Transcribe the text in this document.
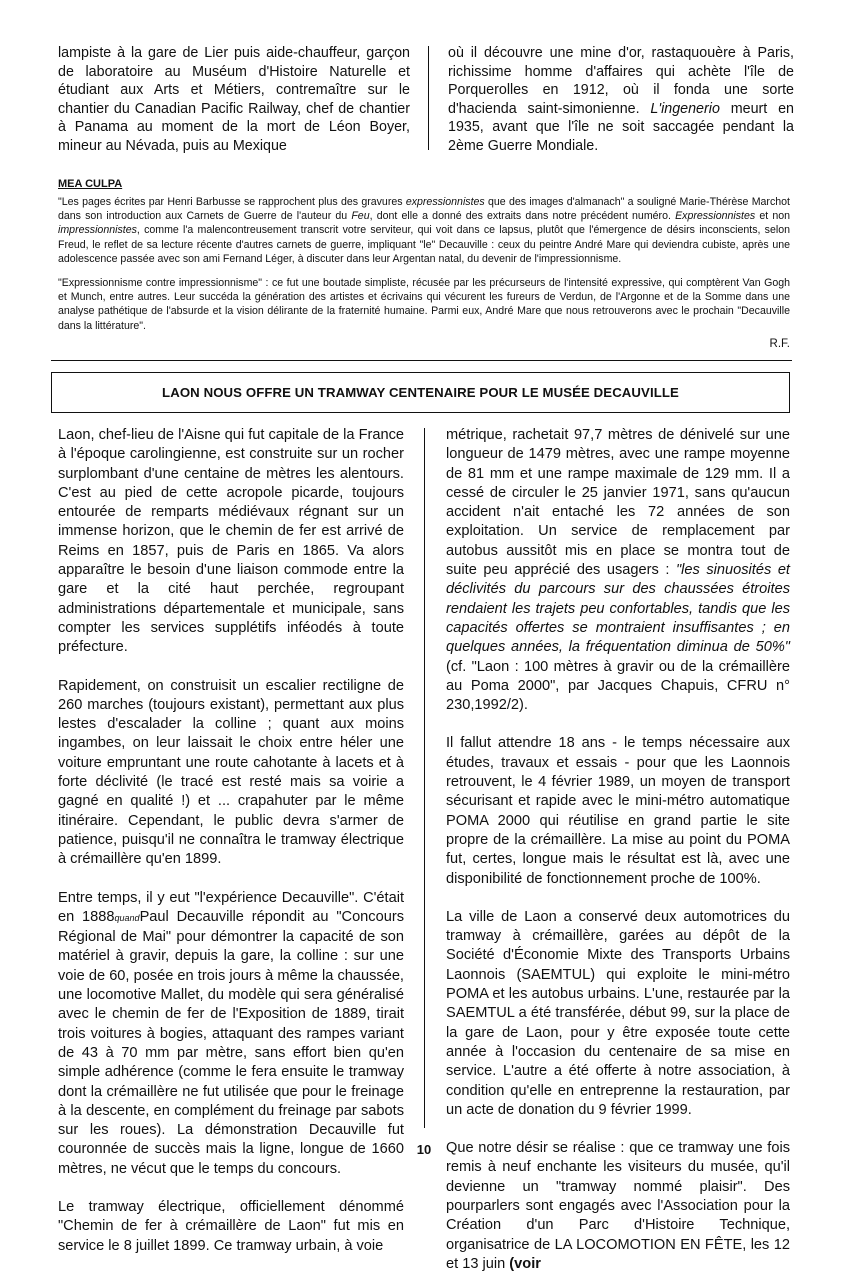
lampiste à la gare de Lier puis aide-chauffeur, garçon de laboratoire au Muséum d'Histoire Naturelle et étudiant aux Arts et Métiers, contremaître sur le chantier du Canadian Pacific Railway, chef de chantier à Panama au moment de la mort de Léon Boyer, mineur au Névada, puis au Mexique

où il découvre une mine d'or, rastaquouère à Paris, richissime homme d'affaires qui achète l'île de Porquerolles en 1912, où il fonda une sorte d'hacienda saint-simonienne. L'ingenerio meurt en 1935, avant que l'île ne soit saccagée pendant la 2ème Guerre Mondiale.

MEA CULPA

"Les pages écrites par Henri Barbusse se rapprochent plus des gravures expressionnistes que des images d'almanach" a souligné Marie-Thérèse Marchot dans son introduction aux Carnets de Guerre de l'auteur du Feu, dont elle a donné des extraits dans notre précédent numéro. Expressionnistes et non impressionnistes, comme l'a malencontreusement transcrit votre serviteur, qui voit dans ce lapsus, plutôt que l'émergence de désirs inconscients, selon Freud, le reflet de sa lecture récente d'autres carnets de guerre, impliquant "le" Decauville : ceux du peintre André Mare qui deviendra cubiste, après une adolescence passée avec son ami Fernand Léger, à discuter dans leur Argentan natal, du devenir de l'impressionnisme.

"Expressionnisme contre impressionnisme" : ce fut une boutade simpliste, récusée par les précurseurs de l'intensité expressive, qui comptèrent Van Gogh et Munch, entre autres. Leur succéda la génération des artistes et écrivains qui vécurent les fureurs de Verdun, de l'Argonne et de la Somme dans une analyse pathétique de l'absurde et la vision délirante de la fraternité humaine. Parmi eux, André Mare que nous retrouverons avec le prochain "Decauville dans la littérature".

R.F.
LAON NOUS OFFRE UN TRAMWAY CENTENAIRE POUR LE MUSÉE DECAUVILLE

Laon, chef-lieu de l'Aisne qui fut capitale de la France à l'époque carolingienne, est construite sur un rocher surplombant d'une centaine de mètres les alentours. C'est au pied de cette acropole picarde, toujours entourée de remparts médiévaux régnant sur un immense horizon, que le chemin de fer est arrivé de Reims en 1857, puis de Paris en 1865. Va alors apparaître le besoin d'une liaison commode entre la gare et la cité haut perchée, regroupant administrations départementale et municipale, sans compter les services supplétifs inféodés à toute préfecture.

Rapidement, on construisit un escalier rectiligne de 260 marches (toujours existant), permettant aux plus lestes d'escalader la colline ; quant aux moins ingambes, on leur laissait le choix entre héler une voiture empruntant une route cahotante à lacets et à forte déclivité (le tracé est resté mais sa voirie a gagné en qualité !) et ... crapahuter par le même itinéraire. Cependant, le public devra s'armer de patience, puisqu'il ne connaîtra le tramway électrique à crémaillère qu'en 1899.

Entre temps, il y eut "l'expérience Decauville". C'était en 1888quandPaul Decauville répondit au "Concours Régional de Mai" pour démontrer la capacité de son matériel à gravir, depuis la gare, la colline : sur une voie de 60, posée en trois jours à même la chaussée, une locomotive Mallet, du modèle qui sera généralisé avec le chemin de fer de l'Exposition de 1889, tirait trois voitures à bogies, attaquant des rampes variant de 43 à 70 mm par mètre, sans effort bien qu'en simple adhérence (comme le fera ensuite le tramway dont la crémaillère ne fut utilisée que pour le freinage à la descente, en complément du freinage par sabots sur les roues). La démonstration Decauville fut couronnée de succès mais la ligne, longue de 1660 mètres, ne vécut que le temps du concours.

Le tramway électrique, officiellement dénommé "Chemin de fer à crémaillère de Laon" fut mis en service le 8 juillet 1899. Ce tramway urbain, à voie

métrique, rachetait 97,7 mètres de dénivelé sur une longueur de 1479 mètres, avec une rampe moyenne de 81 mm et une rampe maximale de 129 mm. Il a cessé de circuler le 25 janvier 1971, sans qu'aucun accident n'ait entaché les 72 années de son exploitation. Un service de remplacement par autobus aussitôt mis en place se montra tout de suite peu apprécié des usagers : "les sinuosités et déclivités du parcours sur des chaussées étroites rendaient les trajets peu confortables, tandis que les capacités offertes se montraient insuffisantes ; en quelques années, la fréquentation diminua de 50%" (cf. "Laon : 100 mètres à gravir ou de la crémaillère au Poma 2000", par Jacques Chapuis, CFRU n° 230,1992/2).

Il fallut attendre 18 ans - le temps nécessaire aux études, travaux et essais - pour que les Laonnois retrouvent, le 4 février 1989, un moyen de transport sécurisant et rapide avec le mini-métro automatique POMA 2000 qui réutilise en grand partie le site propre de la crémaillère. La mise au point du POMA fut, certes, longue mais le résultat est là, avec une disponibilité de fonctionnement proche de 100%.

La ville de Laon a conservé deux automotrices du tramway à crémaillère, garées au dépôt de la Société d'Économie Mixte des Transports Urbains Laonnois (SAEMTUL) qui exploite le mini-métro POMA et les autobus urbains. L'une, restaurée par la SAEMTUL a été transférée, début 99, sur la place de la gare de Laon, pour y être exposée toute cette année à l'occasion du centenaire de sa mise en service. L'autre a été offerte à notre association, à condition qu'elle en entreprenne la restauration, par un acte de donation du 9 février 1999.

Que notre désir se réalise : que ce tramway une fois remis à neuf enchante les visiteurs du musée, qu'il devienne un "tramway nommé plaisir". Des pourparlers sont engagés avec l'Association pour la Création d'un Parc d'Histoire Technique, organisatrice de LA LOCOMOTION EN FÊTE, les 12 et 13 juin (voir

10
